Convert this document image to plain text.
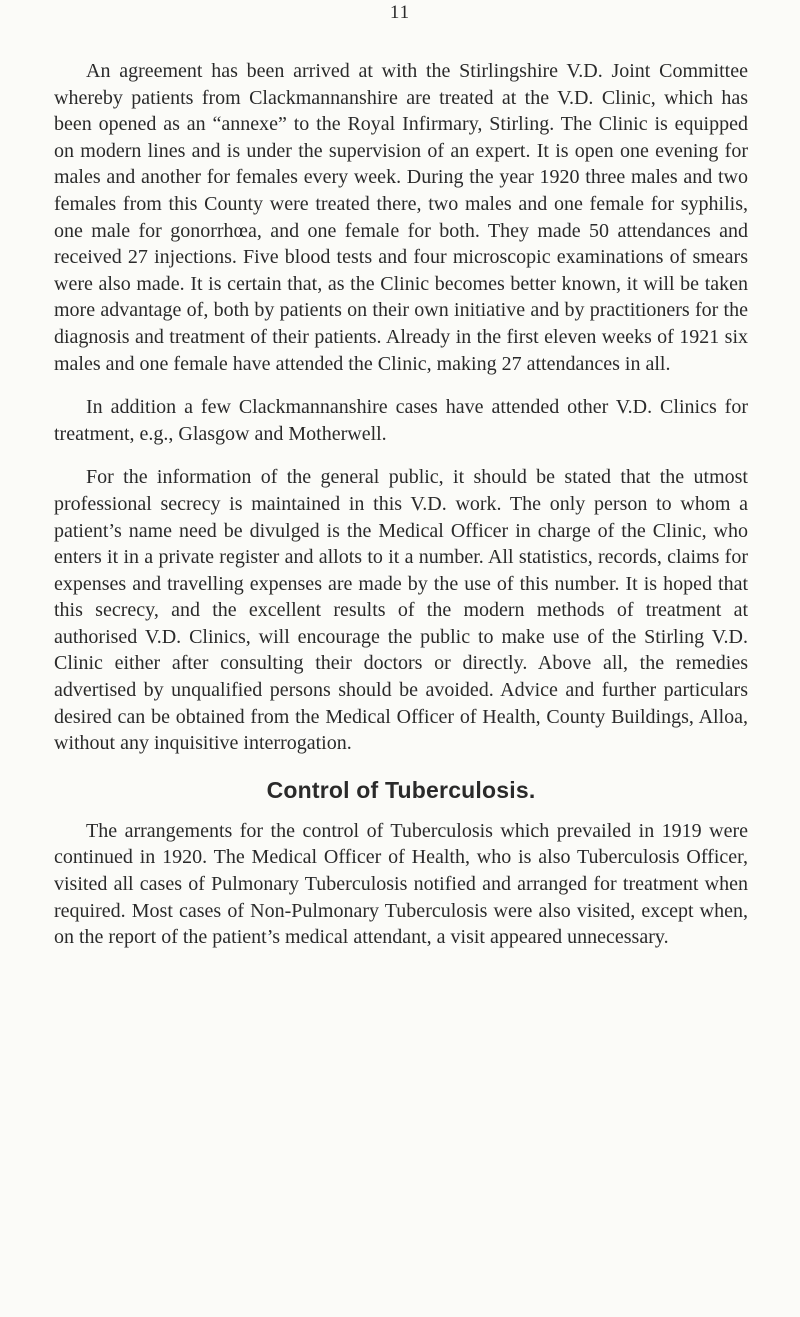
11

An agreement has been arrived at with the Stirlingshire V.D. Joint Committee whereby patients from Clackmannanshire are treated at the V.D. Clinic, which has been opened as an “annexe” to the Royal Infirmary, Stirling. The Clinic is equipped on modern lines and is under the supervision of an expert. It is open one evening for males and another for females every week. During the year 1920 three males and two females from this County were treated there, two males and one female for syphilis, one male for gonorrhœa, and one female for both. They made 50 attendances and received 27 injections. Five blood tests and four microscopic examinations of smears were also made. It is certain that, as the Clinic becomes better known, it will be taken more advantage of, both by patients on their own initiative and by practitioners for the diagnosis and treatment of their patients. Already in the first eleven weeks of 1921 six males and one female have attended the Clinic, making 27 attendances in all.

In addition a few Clackmannanshire cases have attended other V.D. Clinics for treatment, e.g., Glasgow and Motherwell.

For the information of the general public, it should be stated that the utmost professional secrecy is maintained in this V.D. work. The only person to whom a patient’s name need be divulged is the Medical Officer in charge of the Clinic, who enters it in a private register and allots to it a number. All statistics, records, claims for expenses and travelling expenses are made by the use of this number. It is hoped that this secrecy, and the excellent results of the modern methods of treatment at authorised V.D. Clinics, will encourage the public to make use of the Stirling V.D. Clinic either after consulting their doctors or directly. Above all, the remedies advertised by unqualified persons should be avoided. Advice and further particulars desired can be obtained from the Medical Officer of Health, County Buildings, Alloa, without any inquisitive interrogation.

Control of Tuberculosis.

The arrangements for the control of Tuberculosis which prevailed in 1919 were continued in 1920. The Medical Officer of Health, who is also Tuberculosis Officer, visited all cases of Pulmonary Tuberculosis notified and arranged for treatment when required. Most cases of Non-Pulmonary Tuberculosis were also visited, except when, on the report of the patient’s medical attendant, a visit appeared unnecessary.
